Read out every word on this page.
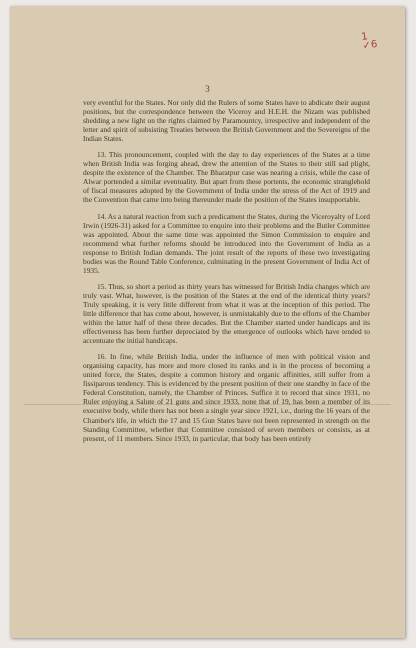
1
✓6
3

very eventful for the States. Nor only did the Rulers of some States have to abdicate their august positions, but the correspondence between the Viceroy and H.E.H. the Nizam was published shedding a new light on the rights claimed by Paramountcy, irrespective and independent of the letter and spirit of subsisting Treaties between the British Government and the Sovereigns of the Indian States.

13. This pronouncement, coupled with the day to day experiences of the States at a time when British India was forging ahead, drew the attention of the States to their still sad plight, despite the existence of the Chamber. The Bharatpur case was nearing a crisis, while the case of Alwar portended a similar eventuality. But apart from these portents, the economic stranglehold of fiscal measures adopted by the Government of India under the stress of the Act of 1919 and the Convention that came into being thereunder made the position of the States insupportable.

14. As a natural reaction from such a predicament the States, during the Viceroyalty of Lord Irwin (1926-31) asked for a Committee to enquire into their problems and the Butler Committee was appointed. About the same time was appointed the Simon Commission to enquire and recommend what further reforms should be introduced into the Government of India as a response to British Indian demands. The joint result of the reports of these two investigating bodies was the Round Table Conference, culminating in the present Government of India Act of 1935.

15. Thus, so short a period as thirty years has witnessed for British India changes which are truly vast. What, however, is the position of the States at the end of the identical thirty years? Truly speaking, it is very little different from what it was at the inception of this period. The little difference that has come about, however, is unmistakably due to the efforts of the Chamber within the latter half of these three decades. But the Chamber started under handicaps and its effectiveness has been further depreciated by the emergence of outlooks which have tended to accentuate the initial handicaps.

16. In fine, while British India, under the influence of men with political vision and organising capacity, has more and more closed its ranks and is in the process of becoming a united force, the States, despite a common history and organic affinities, still suffer from a fissiparous tendency. This is evidenced by the present position of their one standby in face of the Federal Constitution, namely, the Chamber of Princes. Suffice it to record that since 1931, no Ruler enjoying a Salute of 21 guns and since 1933, none that of 19, has been a member of its executive body, while there has not been a single year since 1921, i.e., during the 16 years of the Chamber's life, in which the 17 and 15 Gun States have not been represented in strength on the Standing Committee, whether that Committee consisted of seven members or consists, as at present, of 11 members. Since 1933, in particular, that body has been entirely
